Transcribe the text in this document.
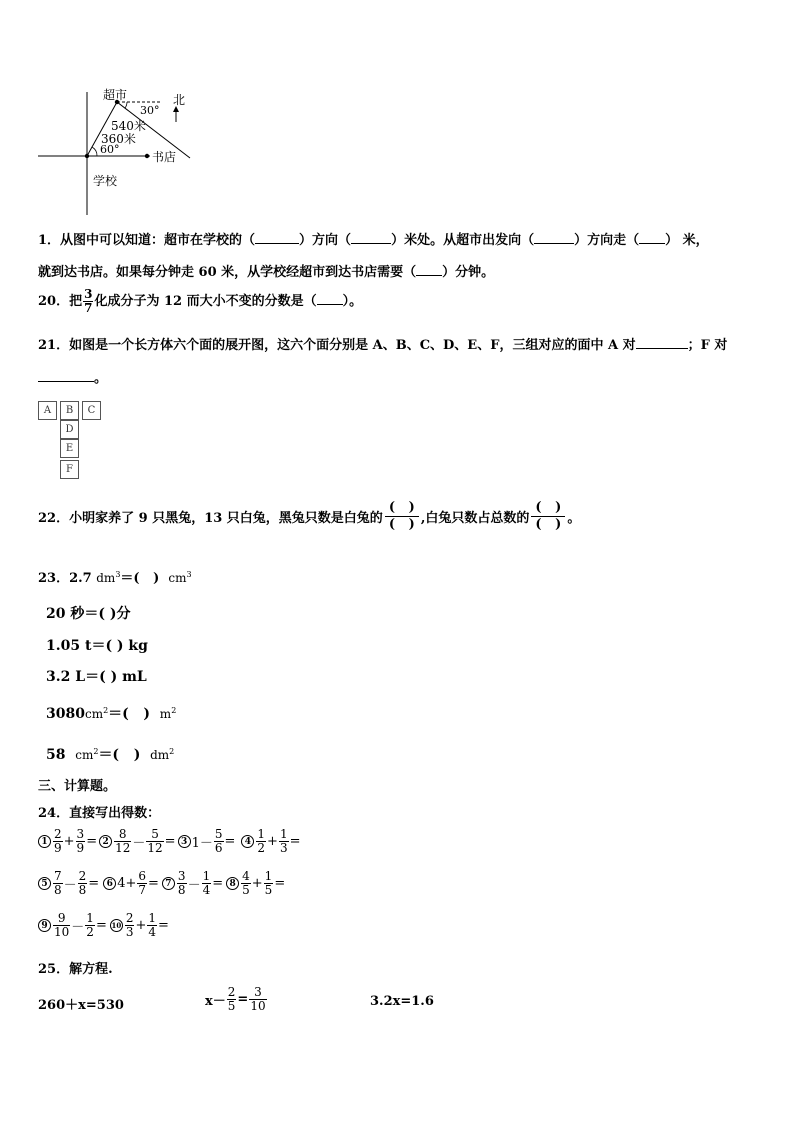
超市	北
30°
540米
360米
60°
书店
学校
1．从图中可以知道：超市在学校的（	）方向（	）米处。从超市出发向（	）方向走（ ） 米，
就到达书店。如果每分钟走 60 米，从学校经超市到达书店需要（ ）分钟。
20．把 $\frac{3}{7}$ 化成分子为 12 而大小不变的分数是（ ）。
21．如图是一个长方体六个面的展开图，这六个面分别是 A、B、C、D、E、F，三组对应的面中 A 对	；F 对
。
A	B	C
D
E
F
22．小明家养了 9 只黑兔，13 只白兔，黑兔只数是白兔的 $\frac{( )}{( )}$ ,白兔只数占总数的 $\frac{( )}{( )}$ 。
23．2.7 $dm^3=$( ) $cm^3$
20 秒＝( )分
1.05 t＝( ) kg
3.2 L＝( ) mL
$3080cm^2=$( ) $m^2$
58 $cm^2=$( ) $dm^2$
三、计算题。
24．直接写出得数：
$1 \frac{2}{9} + \frac{3}{9} = 2 \frac{8}{12} - \frac{5}{12} = 3$ $1- \frac{5}{6}$ =	$4 \frac{1}{2} + \frac{1}{3}$ =
$5 \frac{7}{8} - \frac{2}{8} = 6$ $4+ \frac{6}{7} = 7 \frac{3}{8} - \frac{1}{4} = 8 \frac{4}{5} + \frac{1}{5}$ =
$9 \frac{9}{10} - \frac{1}{2} = 10 \frac{2}{3} + \frac{1}{4}$ =
25．解方程.
260＋x=530	$x- \frac{2}{5} = \frac{3}{10}$	3.2x=1.6
